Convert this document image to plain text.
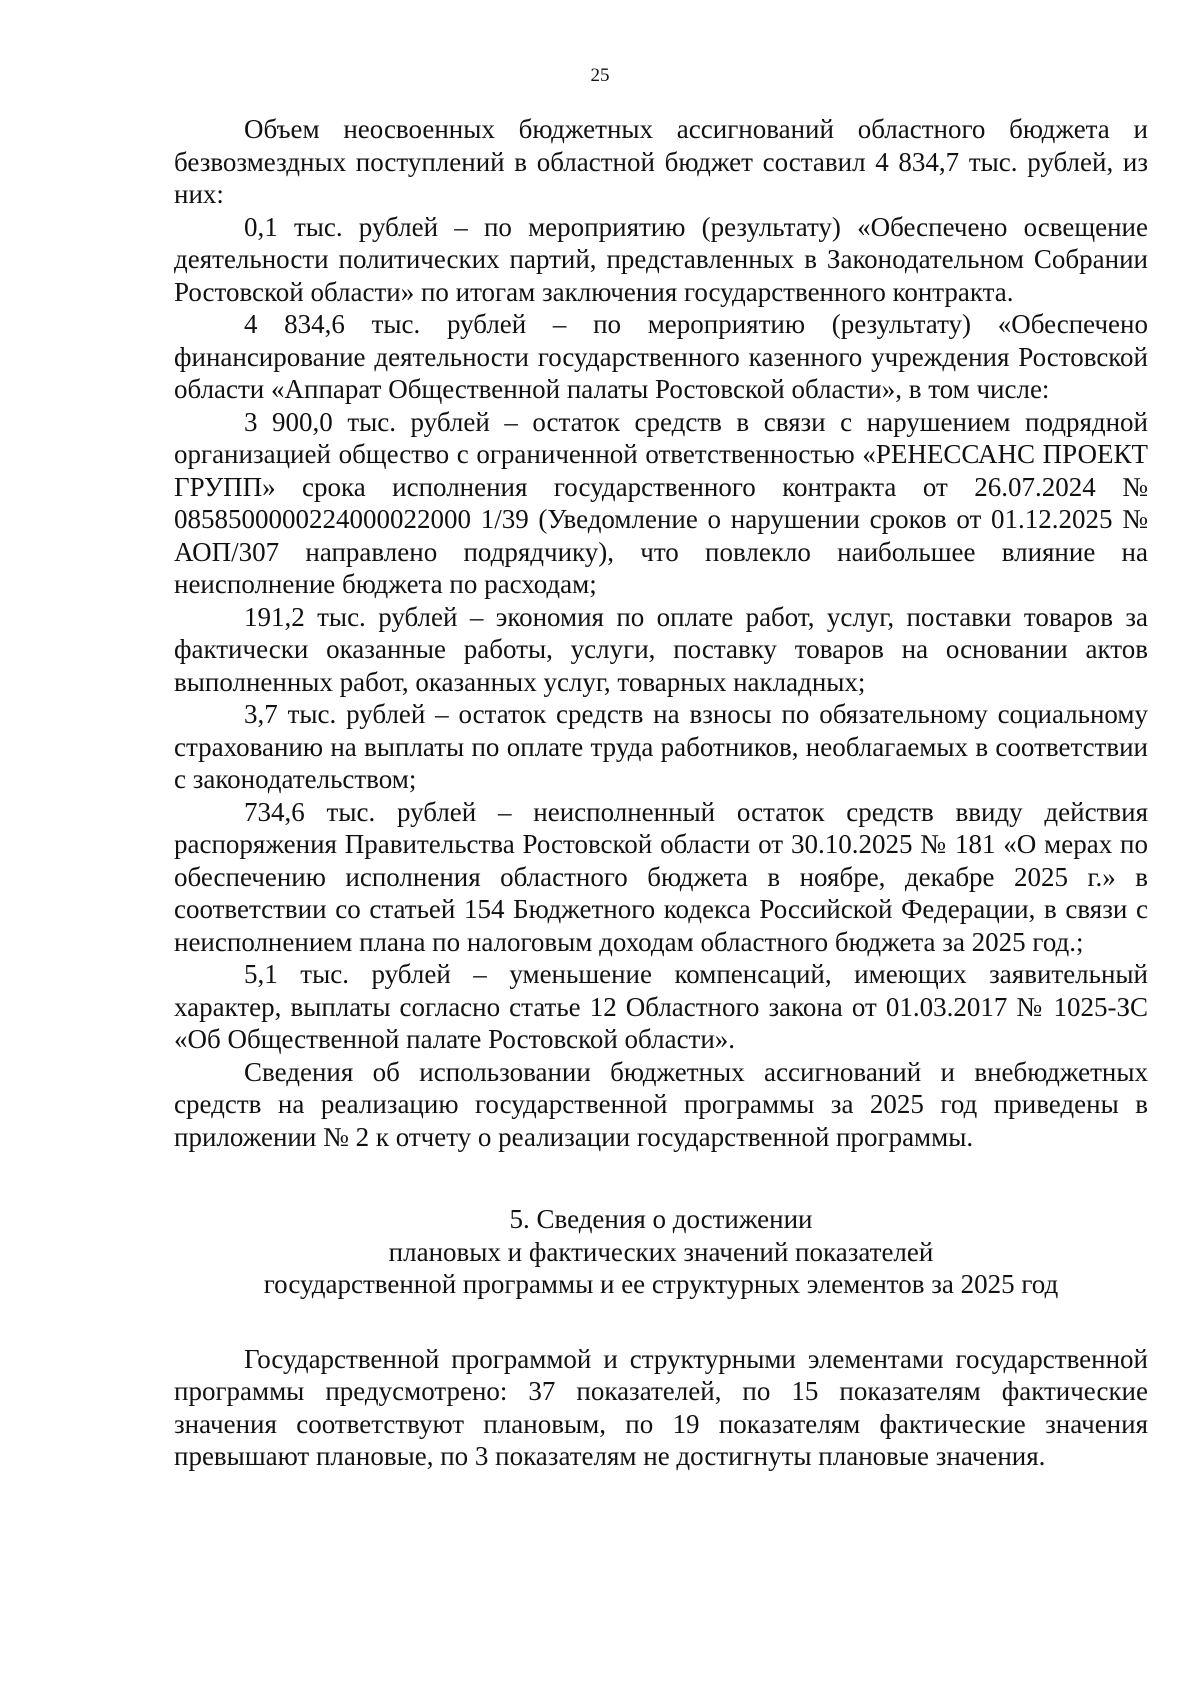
25

Объем неосвоенных бюджетных ассигнований областного бюджета и безвозмездных поступлений в областной бюджет составил 4 834,7 тыс. рублей, из них:

0,1 тыс. рублей – по мероприятию (результату) «Обеспечено освещение деятельности политических партий, представленных в Законодательном Собрании Ростовской области» по итогам заключения государственного контракта.

4 834,6 тыс. рублей – по мероприятию (результату) «Обеспечено финансирование деятельности государственного казенного учреждения Ростовской области «Аппарат Общественной палаты Ростовской области», в том числе:

3 900,0 тыс. рублей – остаток средств в связи с нарушением подрядной организацией общество с ограниченной ответственностью «РЕНЕССАНС ПРОЕКТ ГРУПП» срока исполнения государственного контракта от 26.07.2024 № 0858500000224000022000 1/39 (Уведомление о нарушении сроков от 01.12.2025 № АОП/307 направлено подрядчику), что повлекло наибольшее влияние на неисполнение бюджета по расходам;

191,2 тыс. рублей – экономия по оплате работ, услуг, поставки товаров за фактически оказанные работы, услуги, поставку товаров на основании актов выполненных работ, оказанных услуг, товарных накладных;

3,7 тыс. рублей – остаток средств на взносы по обязательному социальному страхованию на выплаты по оплате труда работников, необлагаемых в соответствии с законодательством;

734,6 тыс. рублей – неисполненный остаток средств ввиду действия распоряжения Правительства Ростовской области от 30.10.2025 № 181 «О мерах по обеспечению исполнения областного бюджета в ноябре, декабре 2025 г.» в соответствии со статьей 154 Бюджетного кодекса Российской Федерации, в связи с неисполнением плана по налоговым доходам областного бюджета за 2025 год.;

5,1 тыс. рублей – уменьшение компенсаций, имеющих заявительный характер, выплаты согласно статье 12 Областного закона от 01.03.2017 № 1025-ЗС «Об Общественной палате Ростовской области».

Сведения об использовании бюджетных ассигнований и внебюджетных средств на реализацию государственной программы за 2025 год приведены в приложении № 2 к отчету о реализации государственной программы.

5. Сведения о достижении
плановых и фактических значений показателей
государственной программы и ее структурных элементов за 2025 год

Государственной программой и структурными элементами государственной программы предусмотрено: 37 показателей, по 15 показателям фактические значения соответствуют плановым, по 19 показателям фактические значения превышают плановые, по 3 показателям не достигнуты плановые значения.
